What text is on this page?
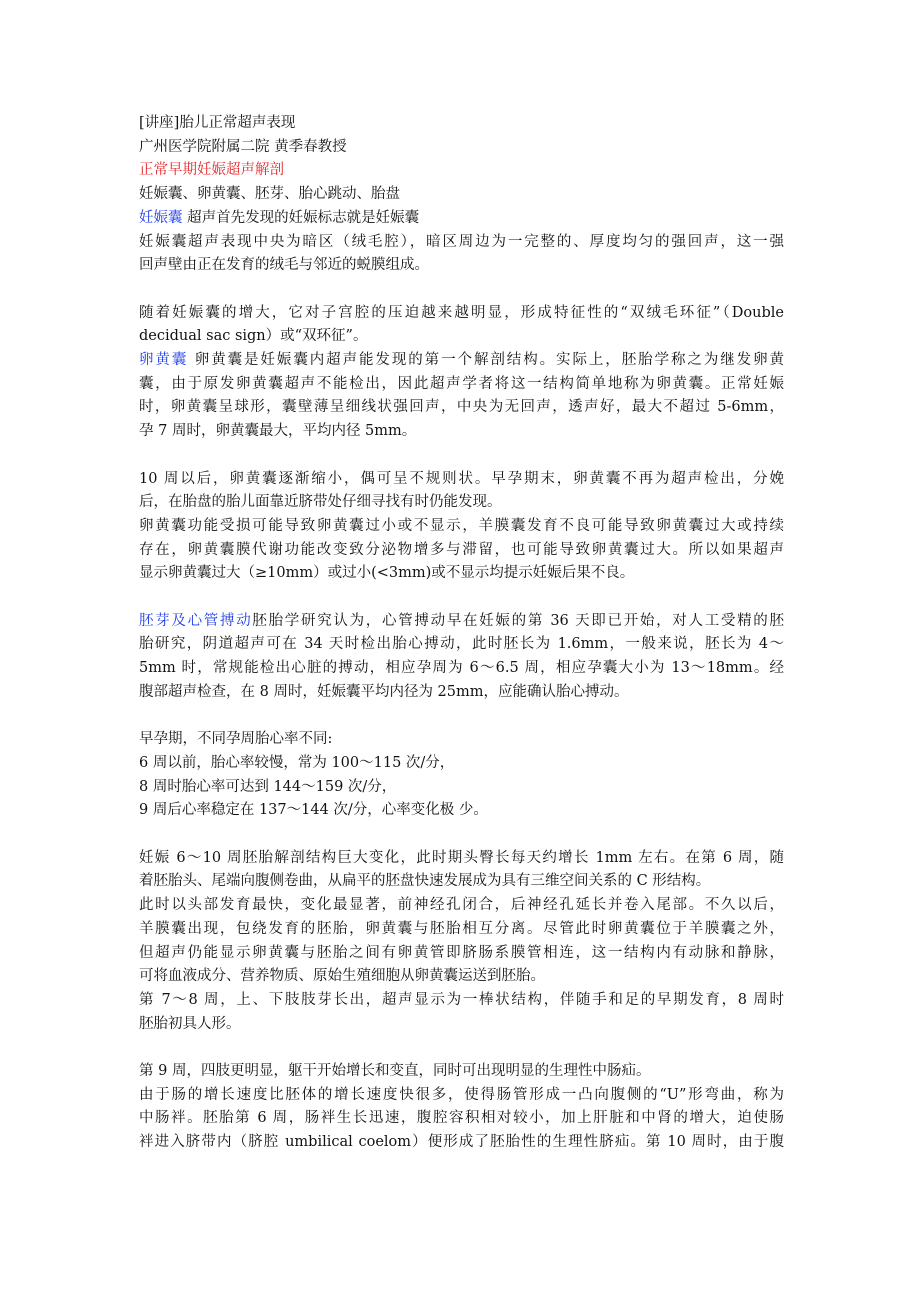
[讲座]胎儿正常超声表现
广州医学院附属二院 黄季春教授
正常早期妊娠超声解剖
妊娠囊、卵黄囊、胚芽、胎心跳动、胎盘
妊娠囊 超声首先发现的妊娠标志就是妊娠囊
妊娠囊超声表现中央为暗区（绒毛腔），暗区周边为一完整的、厚度均匀的强回声，这一强
回声壁由正在发育的绒毛与邻近的蜕膜组成。
随着妊娠囊的增大，它对子宫腔的压迫越来越明显，形成特征性的“双绒毛环征”（Double
decidual sac sign）或“双环征”。
卵黄囊 卵黄囊是妊娠囊内超声能发现的第一个解剖结构。实际上，胚胎学称之为继发卵黄
囊，由于原发卵黄囊超声不能检出，因此超声学者将这一结构简单地称为卵黄囊。正常妊娠
时，卵黄囊呈球形，囊壁薄呈细线状强回声，中央为无回声，透声好，最大不超过 5-6mm，
孕 7 周时，卵黄囊最大，平均内径 5mm。
10 周以后，卵黄囊逐渐缩小，偶可呈不规则状。早孕期末，卵黄囊不再为超声检出，分娩
后，在胎盘的胎儿面靠近脐带处仔细寻找有时仍能发现。
卵黄囊功能受损可能导致卵黄囊过小或不显示，羊膜囊发育不良可能导致卵黄囊过大或持续
存在，卵黄囊膜代谢功能改变致分泌物增多与滞留，也可能导致卵黄囊过大。所以如果超声
显示卵黄囊过大（≥10mm）或过小(<3mm)或不显示均提示妊娠后果不良。
胚芽及心管搏动胚胎学研究认为，心管搏动早在妊娠的第 36 天即已开始，对人工受精的胚
胎研究，阴道超声可在 34 天时检出胎心搏动，此时胚长为 1.6mm，一般来说，胚长为 4～
5mm 时，常规能检出心脏的搏动，相应孕周为 6～6.5 周，相应孕囊大小为 13～18mm。经
腹部超声检查，在 8 周时，妊娠囊平均内径为 25mm，应能确认胎心搏动。
早孕期，不同孕周胎心率不同:
6 周以前，胎心率较慢，常为 100～115 次/分，
8 周时胎心率可达到 144～159 次/分，
9 周后心率稳定在 137～144 次/分，心率变化极 少。
妊娠 6～10 周胚胎解剖结构巨大变化，此时期头臀长每天约增长 1mm 左右。在第 6 周，随
着胚胎头、尾端向腹侧卷曲，从扁平的胚盘快速发展成为具有三维空间关系的 C 形结构。
此时以头部发育最快，变化最显著，前神经孔闭合，后神经孔延长并卷入尾部。不久以后，
羊膜囊出现，包绕发育的胚胎，卵黄囊与胚胎相互分离。尽管此时卵黄囊位于羊膜囊之外，
但超声仍能显示卵黄囊与胚胎之间有卵黄管即脐肠系膜管相连，这一结构内有动脉和静脉，
可将血液成分、营养物质、原始生殖细胞从卵黄囊运送到胚胎。
第 7～8 周，上、下肢肢芽长出，超声显示为一棒状结构，伴随手和足的早期发育，8 周时
胚胎初具人形。
第 9 周，四肢更明显，躯干开始增长和变直，同时可出现明显的生理性中肠疝。
由于肠的增长速度比胚体的增长速度快很多，使得肠管形成一凸向腹侧的“U”形弯曲，称为
中肠袢。胚胎第 6 周，肠袢生长迅速，腹腔容积相对较小，加上肝脏和中肾的增大，迫使肠
袢进入脐带内（脐腔 umbilical coelom）便形成了胚胎性的生理性脐疝。第 10 周时，由于腹
